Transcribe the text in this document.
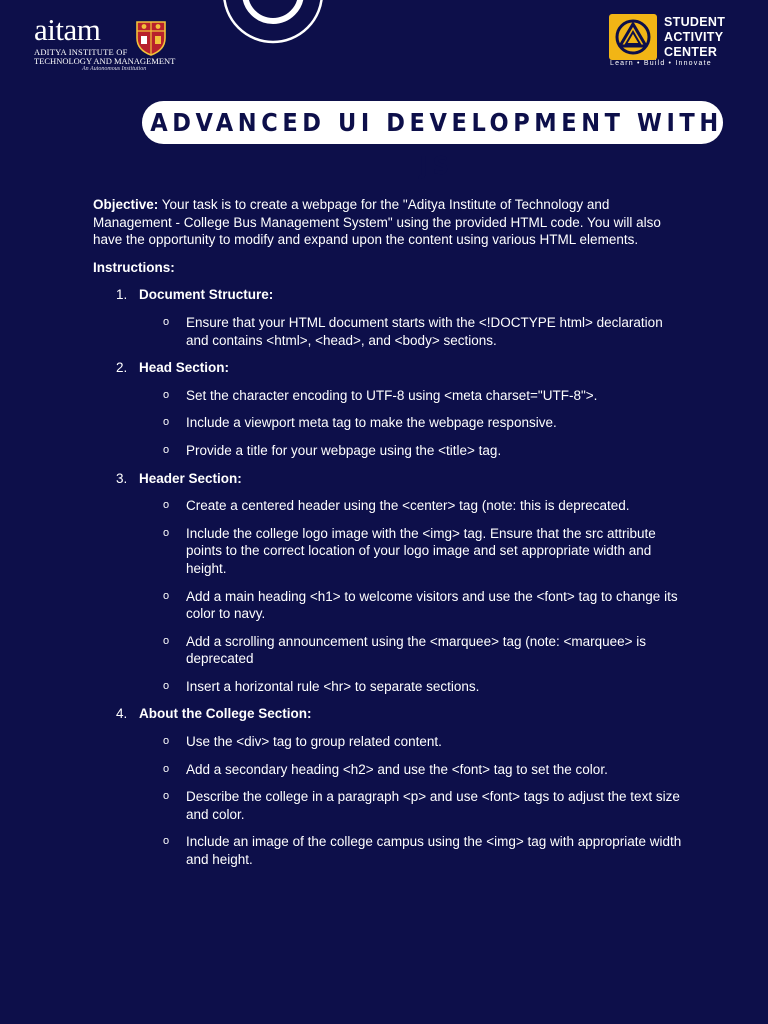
aitam
ADITYA INSTITUTE OF
TECHNOLOGY AND MANAGEMENT
An Autonomous Institution
STUDENT
ACTIVITY
CENTER
Learn • Build • Innovate
ADVANCED UI DEVELOPMENT WITH JS

Objective: Your task is to create a webpage for the "Aditya Institute of Technology and Management - College Bus Management System" using the provided HTML code. You will also have the opportunity to modify and expand upon the content using various HTML elements.

Instructions:

1. Document Structure:
o Ensure that your HTML document starts with the <!DOCTYPE html> declaration and contains <html>, <head>, and <body> sections.
2. Head Section:
o Set the character encoding to UTF-8 using <meta charset="UTF-8">.
o Include a viewport meta tag to make the webpage responsive.
o Provide a title for your webpage using the <title> tag.
3. Header Section:
o Create a centered header using the <center> tag (note: this is deprecated.
o Include the college logo image with the <img> tag. Ensure that the src attribute points to the correct location of your logo image and set appropriate width and height.
o Add a main heading <h1> to welcome visitors and use the <font> tag to change its color to navy.
o Add a scrolling announcement using the <marquee> tag (note: <marquee> is deprecated
o Insert a horizontal rule <hr> to separate sections.
4. About the College Section:
o Use the <div> tag to group related content.
o Add a secondary heading <h2> and use the <font> tag to set the color.
o Describe the college in a paragraph <p> and use <font> tags to adjust the text size and color.
o Include an image of the college campus using the <img> tag with appropriate width and height.
